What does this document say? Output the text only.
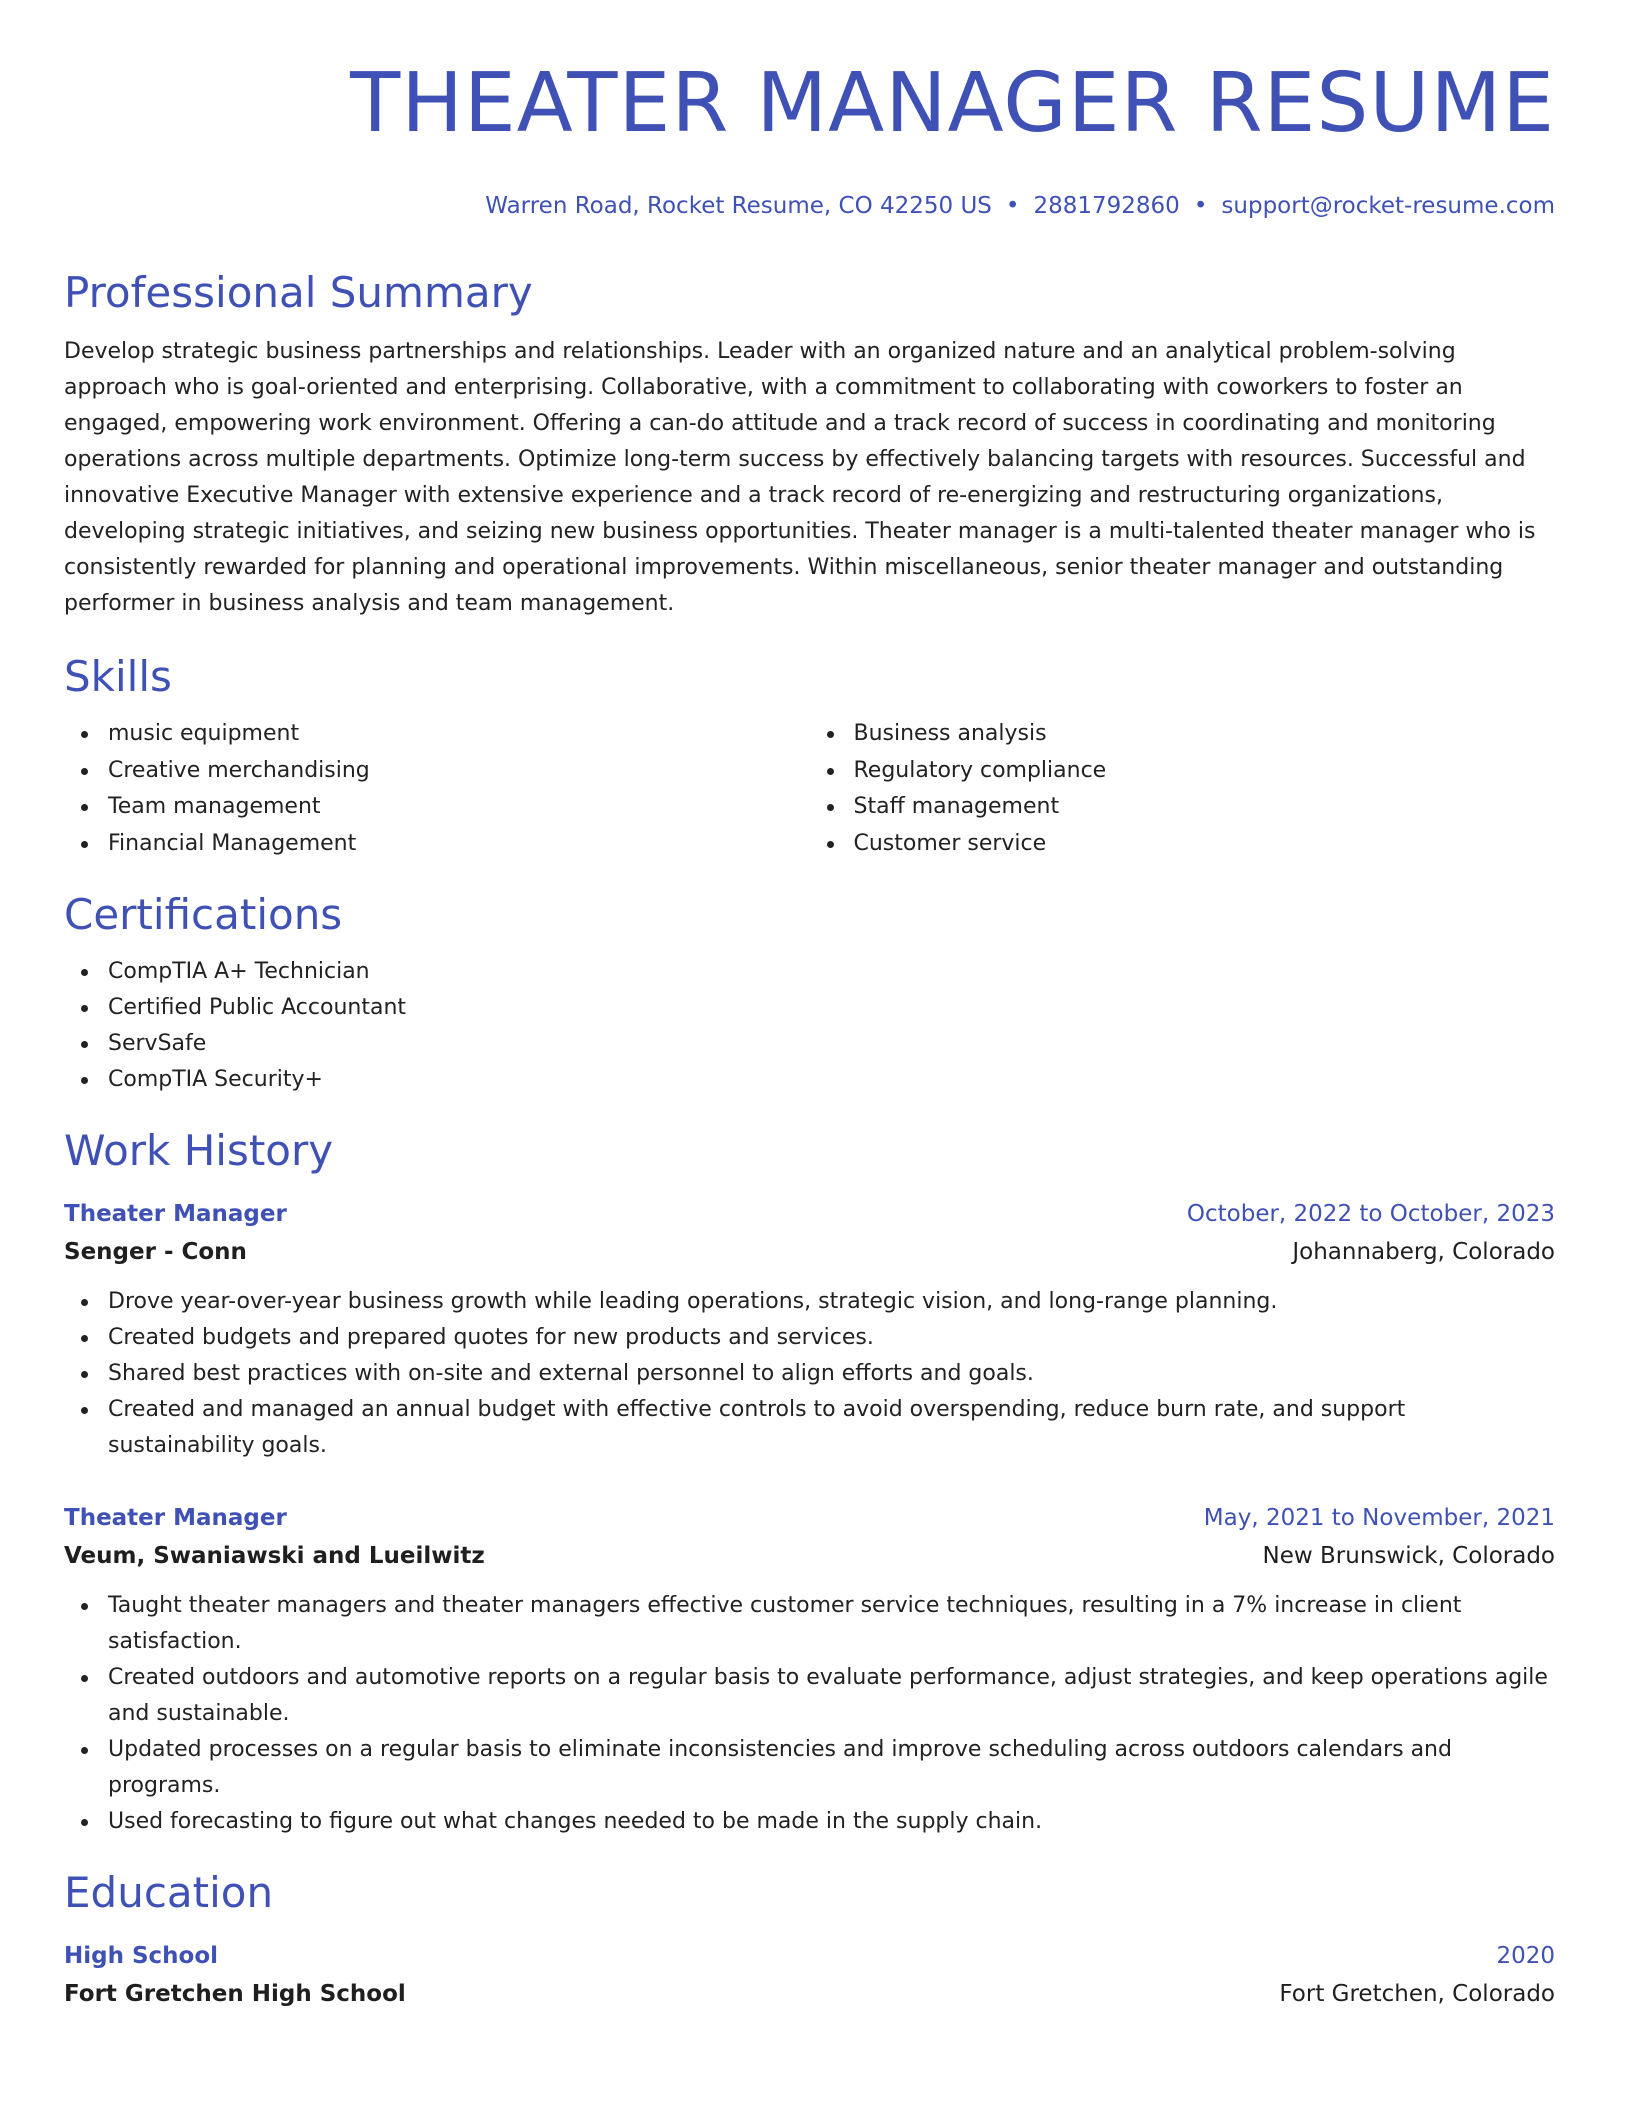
THEATER MANAGER RESUME
Warren Road, Rocket Resume, CO 42250 US • 2881792860 • support@rocket-resume.com
Professional Summary
Develop strategic business partnerships and relationships. Leader with an organized nature and an analytical problem-solving approach who is goal-oriented and enterprising. Collaborative, with a commitment to collaborating with coworkers to foster an engaged, empowering work environment. Offering a can-do attitude and a track record of success in coordinating and monitoring operations across multiple departments. Optimize long-term success by effectively balancing targets with resources. Successful and innovative Executive Manager with extensive experience and a track record of re-energizing and restructuring organizations, developing strategic initiatives, and seizing new business opportunities. Theater manager is a multi-talented theater manager who is consistently rewarded for planning and operational improvements. Within miscellaneous, senior theater manager and outstanding performer in business analysis and team management.
Skills
music equipment
Creative merchandising
Team management
Financial Management
Business analysis
Regulatory compliance
Staff management
Customer service
Certifications
CompTIA A+ Technician
Certified Public Accountant
ServSafe
CompTIA Security+
Work History
Theater Manager	October, 2022 to October, 2023
Senger - Conn	Johannaberg, Colorado
Drove year-over-year business growth while leading operations, strategic vision, and long-range planning.
Created budgets and prepared quotes for new products and services.
Shared best practices with on-site and external personnel to align efforts and goals.
Created and managed an annual budget with effective controls to avoid overspending, reduce burn rate, and support sustainability goals.
Theater Manager	May, 2021 to November, 2021
Veum, Swaniawski and Lueilwitz	New Brunswick, Colorado
Taught theater managers and theater managers effective customer service techniques, resulting in a 7% increase in client satisfaction.
Created outdoors and automotive reports on a regular basis to evaluate performance, adjust strategies, and keep operations agile and sustainable.
Updated processes on a regular basis to eliminate inconsistencies and improve scheduling across outdoors calendars and programs.
Used forecasting to figure out what changes needed to be made in the supply chain.
Education
High School	2020
Fort Gretchen High School	Fort Gretchen, Colorado
